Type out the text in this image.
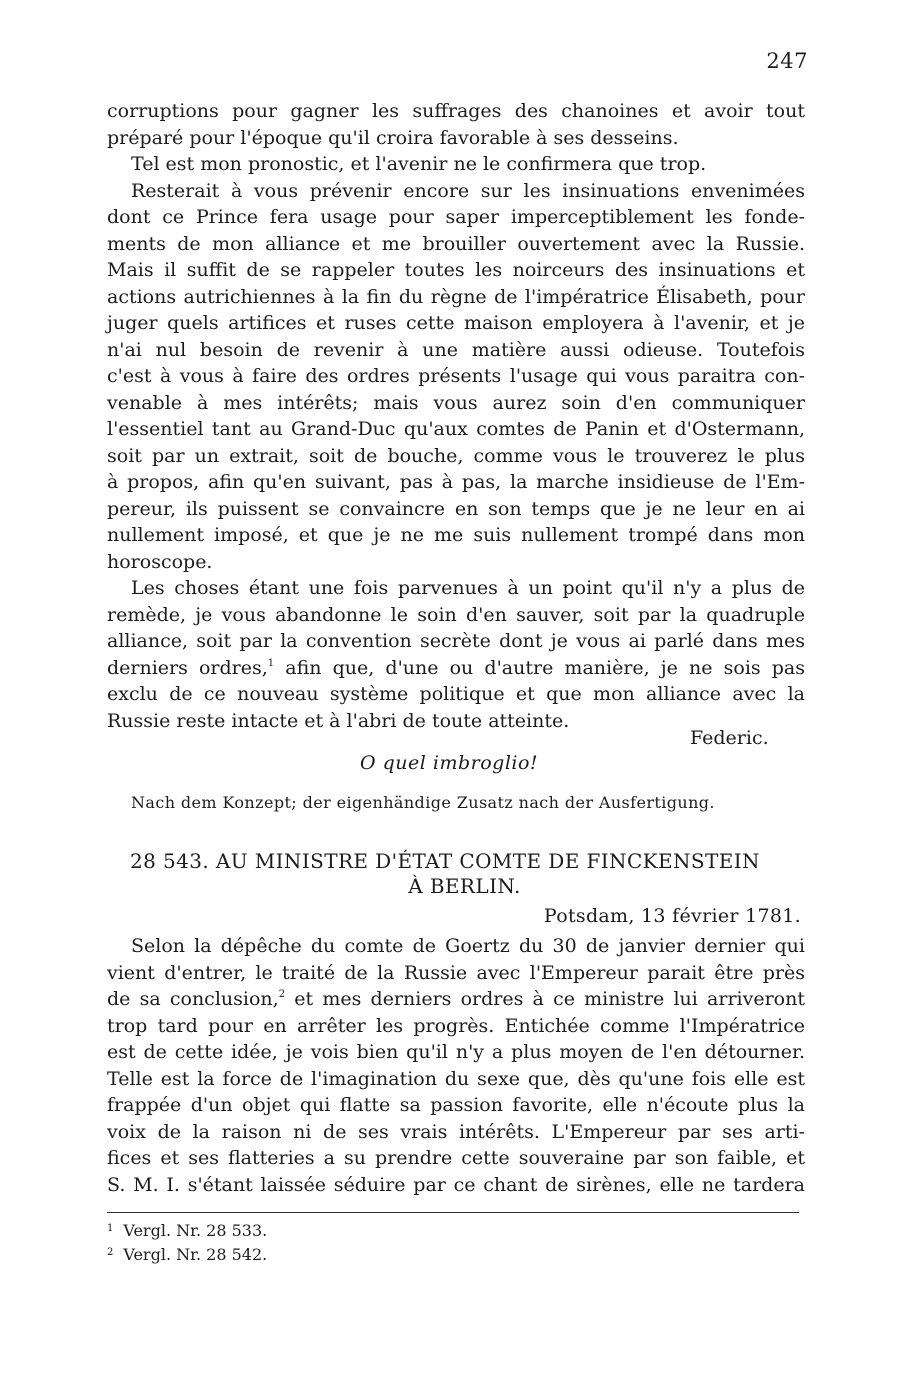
247
corruptions pour gagner les suffrages des chanoines et avoir tout
préparé pour l'époque qu'il croira favorable à ses desseins.
Tel est mon pronostic, et l'avenir ne le confirmera que trop.
Resterait à vous prévenir encore sur les insinuations envenimées
dont ce Prince fera usage pour saper imperceptiblement les fonde-
ments de mon alliance et me brouiller ouvertement avec la Russie.
Mais il suffit de se rappeler toutes les noirceurs des insinuations et
actions autrichiennes à la fin du règne de l'impératrice Élisabeth, pour
juger quels artifices et ruses cette maison employera à l'avenir, et je
n'ai nul besoin de revenir à une matière aussi odieuse. Toutefois
c'est à vous à faire des ordres présents l'usage qui vous paraitra con-
venable à mes intérêts; mais vous aurez soin d'en communiquer
l'essentiel tant au Grand-Duc qu'aux comtes de Panin et d'Ostermann,
soit par un extrait, soit de bouche, comme vous le trouverez le plus
à propos, afin qu'en suivant, pas à pas, la marche insidieuse de l'Em-
pereur, ils puissent se convaincre en son temps que je ne leur en ai
nullement imposé, et que je ne me suis nullement trompé dans mon
horoscope.
Les choses étant une fois parvenues à un point qu'il n'y a plus de
remède, je vous abandonne le soin d'en sauver, soit par la quadruple
alliance, soit par la convention secrète dont je vous ai parlé dans mes
derniers ordres,$^1$ afin que, d'une ou d'autre manière, je ne sois pas
exclu de ce nouveau système politique et que mon alliance avec la
Russie reste intacte et à l'abri de toute atteinte.
Federic.
O quel imbroglio!
Nach dem Konzept; der eigenhändige Zusatz nach der Ausfertigung.
28 543. AU MINISTRE D'ÉTAT COMTE DE FINCKENSTEIN
À BERLIN.
Potsdam, 13 février 1781.
Selon la dépêche du comte de Goertz du 30 de janvier dernier qui
vient d'entrer, le traité de la Russie avec l'Empereur parait être près
de sa conclusion,$^2$ et mes derniers ordres à ce ministre lui arriveront
trop tard pour en arrêter les progrès. Entichée comme l'Impératrice
est de cette idée, je vois bien qu'il n'y a plus moyen de l'en détourner.
Telle est la force de l'imagination du sexe que, dès qu'une fois elle est
frappée d'un objet qui flatte sa passion favorite, elle n'écoute plus la
voix de la raison ni de ses vrais intérêts. L'Empereur par ses arti-
fices et ses flatteries a su prendre cette souveraine par son faible, et
S. M. I. s'étant laissée séduire par ce chant de sirènes, elle ne tardera
$^1$ Vergl. Nr. 28 533.
$^2$ Vergl. Nr. 28 542.
